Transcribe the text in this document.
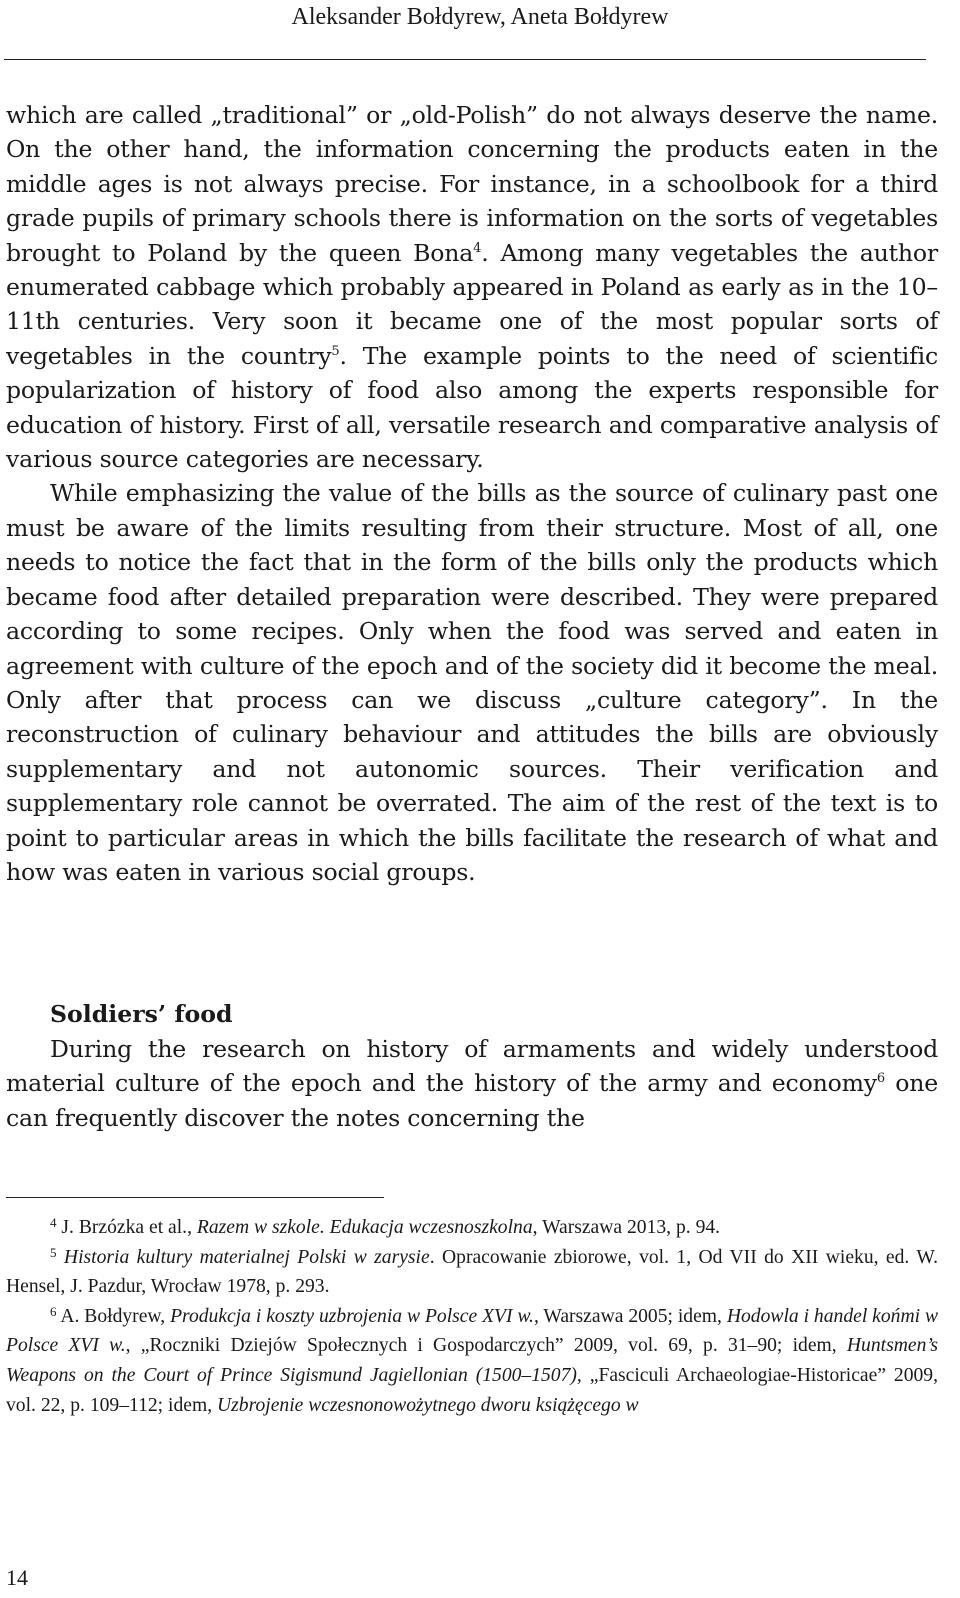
Aleksander Bołdyrew, Aneta Bołdyrew

which are called „traditional” or „old-Polish” do not always deserve the name. On the other hand, the information concerning the products eaten in the middle ages is not always precise. For instance, in a schoolbook for a third grade pupils of primary schools there is information on the sorts of vegetables brought to Poland by the queen Bona$^4$. Among many vegetables the author enumerated cabbage which probably appeared in Poland as early as in the 10–11th centuries. Very soon it became one of the most popular sorts of vegetables in the country$^5$. The example points to the need of scientific popularization of history of food also among the experts responsible for education of history. First of all, versatile research and comparative analysis of various source categories are necessary.

While emphasizing the value of the bills as the source of culinary past one must be aware of the limits resulting from their structure. Most of all, one needs to notice the fact that in the form of the bills only the products which became food after detailed preparation were described. They were prepared according to some recipes. Only when the food was served and eaten in agreement with culture of the epoch and of the society did it become the meal. Only after that process can we discuss „culture category”. In the reconstruction of culinary behaviour and attitudes the bills are obviously supplementary and not autonomic sources. Their verification and supplementary role cannot be overrated. The aim of the rest of the text is to point to particular areas in which the bills facilitate the research of what and how was eaten in various social groups.

Soldiers’ food

During the research on history of armaments and widely understood material culture of the epoch and the history of the army and economy$^6$ one can frequently discover the notes concerning the

$^4$ J. Brzózka et al., Razem w szkole. Edukacja wczesnoszkolna, Warszawa 2013, p. 94.

$^5$ Historia kultury materialnej Polski w zarysie. Opracowanie zbiorowe, vol. 1, Od VII do XII wieku, ed. W. Hensel, J. Pazdur, Wrocław 1978, p. 293.

$^6$ A. Bołdyrew, Produkcja i koszty uzbrojenia w Polsce XVI w., Warszawa 2005; idem, Hodowla i handel końmi w Polsce XVI w., „Roczniki Dziejów Społecznych i Gospodarczych” 2009, vol. 69, p. 31–90; idem, Huntsmen’s Weapons on the Court of Prince Sigismund Jagiellonian (1500–1507), „Fasciculi Archaeologiae-Historicae” 2009, vol. 22, p. 109–112; idem, Uzbrojenie wczesnonowożytnego dworu książęcego w

14
